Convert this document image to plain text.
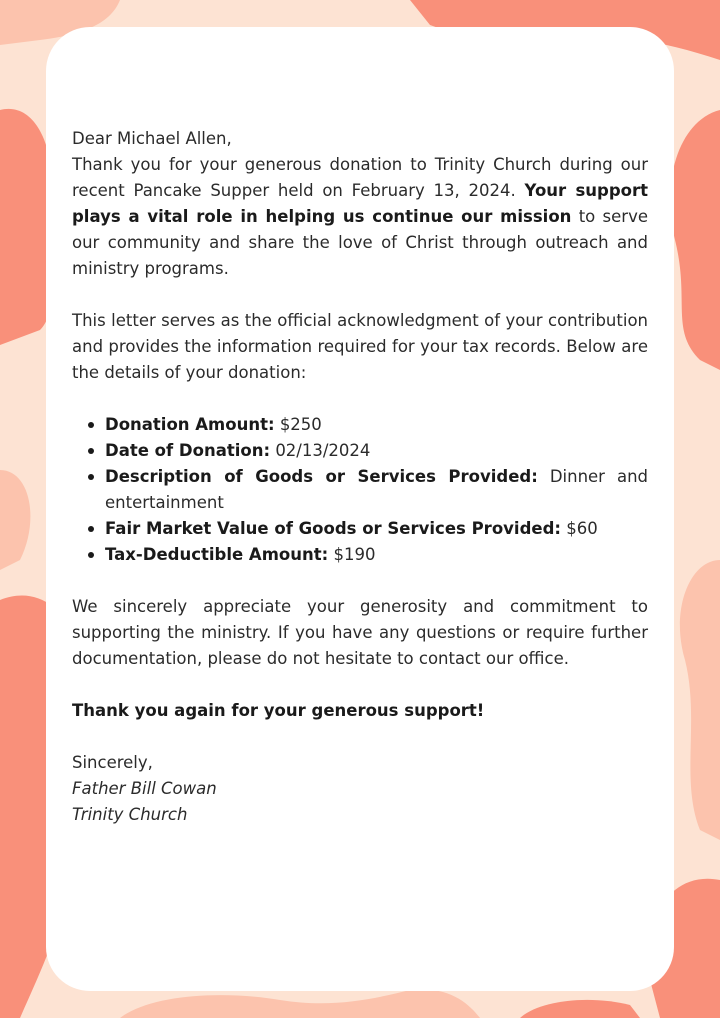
Dear Michael Allen,

Thank you for your generous donation to Trinity Church during our recent Pancake Supper held on February 13, 2024. Your support plays a vital role in helping us continue our mission to serve our community and share the love of Christ through outreach and ministry programs.

This letter serves as the official acknowledgment of your contribution and provides the information required for your tax records. Below are the details of your donation:

Donation Amount: $250
Date of Donation: 02/13/2024
Description of Goods or Services Provided: Dinner and entertainment
Fair Market Value of Goods or Services Provided: $60
Tax-Deductible Amount: $190

We sincerely appreciate your generosity and commitment to supporting the ministry. If you have any questions or require further documentation, please do not hesitate to contact our office.

Thank you again for your generous support!

Sincerely,

Father Bill Cowan

Trinity Church
